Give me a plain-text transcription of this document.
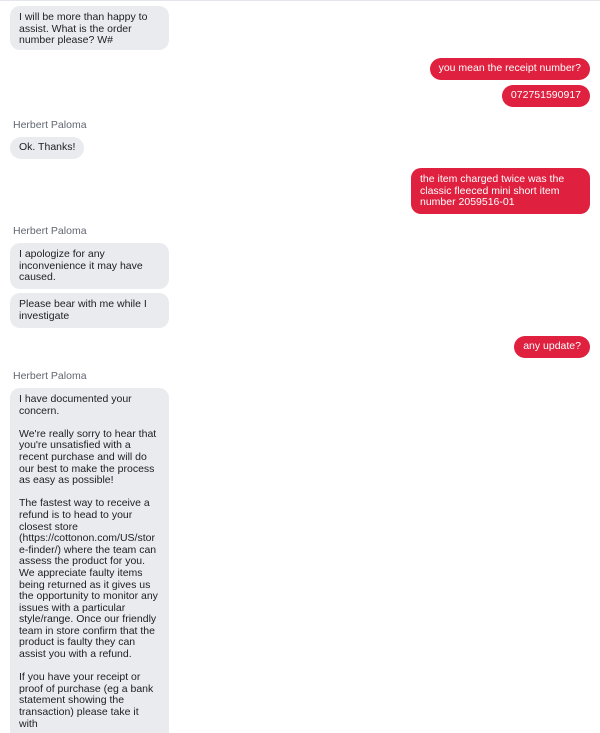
I will be more than happy to assist. What is the order number please? W#
you mean the receipt number?
072751590917
Herbert Paloma
Ok. Thanks!
the item charged twice was the classic fleeced mini short item number 2059516-01
Herbert Paloma
I apologize for any inconvenience it may have caused.
Please bear with me while I investigate
any update?
Herbert Paloma

I have documented your concern.

We're really sorry to hear that you're unsatisfied with a recent purchase and will do our best to make the process as easy as possible!

The fastest way to receive a refund is to head to your closest store (https://cottonon.com/US/store-finder/) where the team can assess the product for you. We appreciate faulty items being returned as it gives us the opportunity to monitor any issues with a particular style/range. Once our friendly team in store confirm that the product is faulty they can assist you with a refund.

If you have your receipt or proof of purchase (eg a bank statement showing the transaction) please take it with
